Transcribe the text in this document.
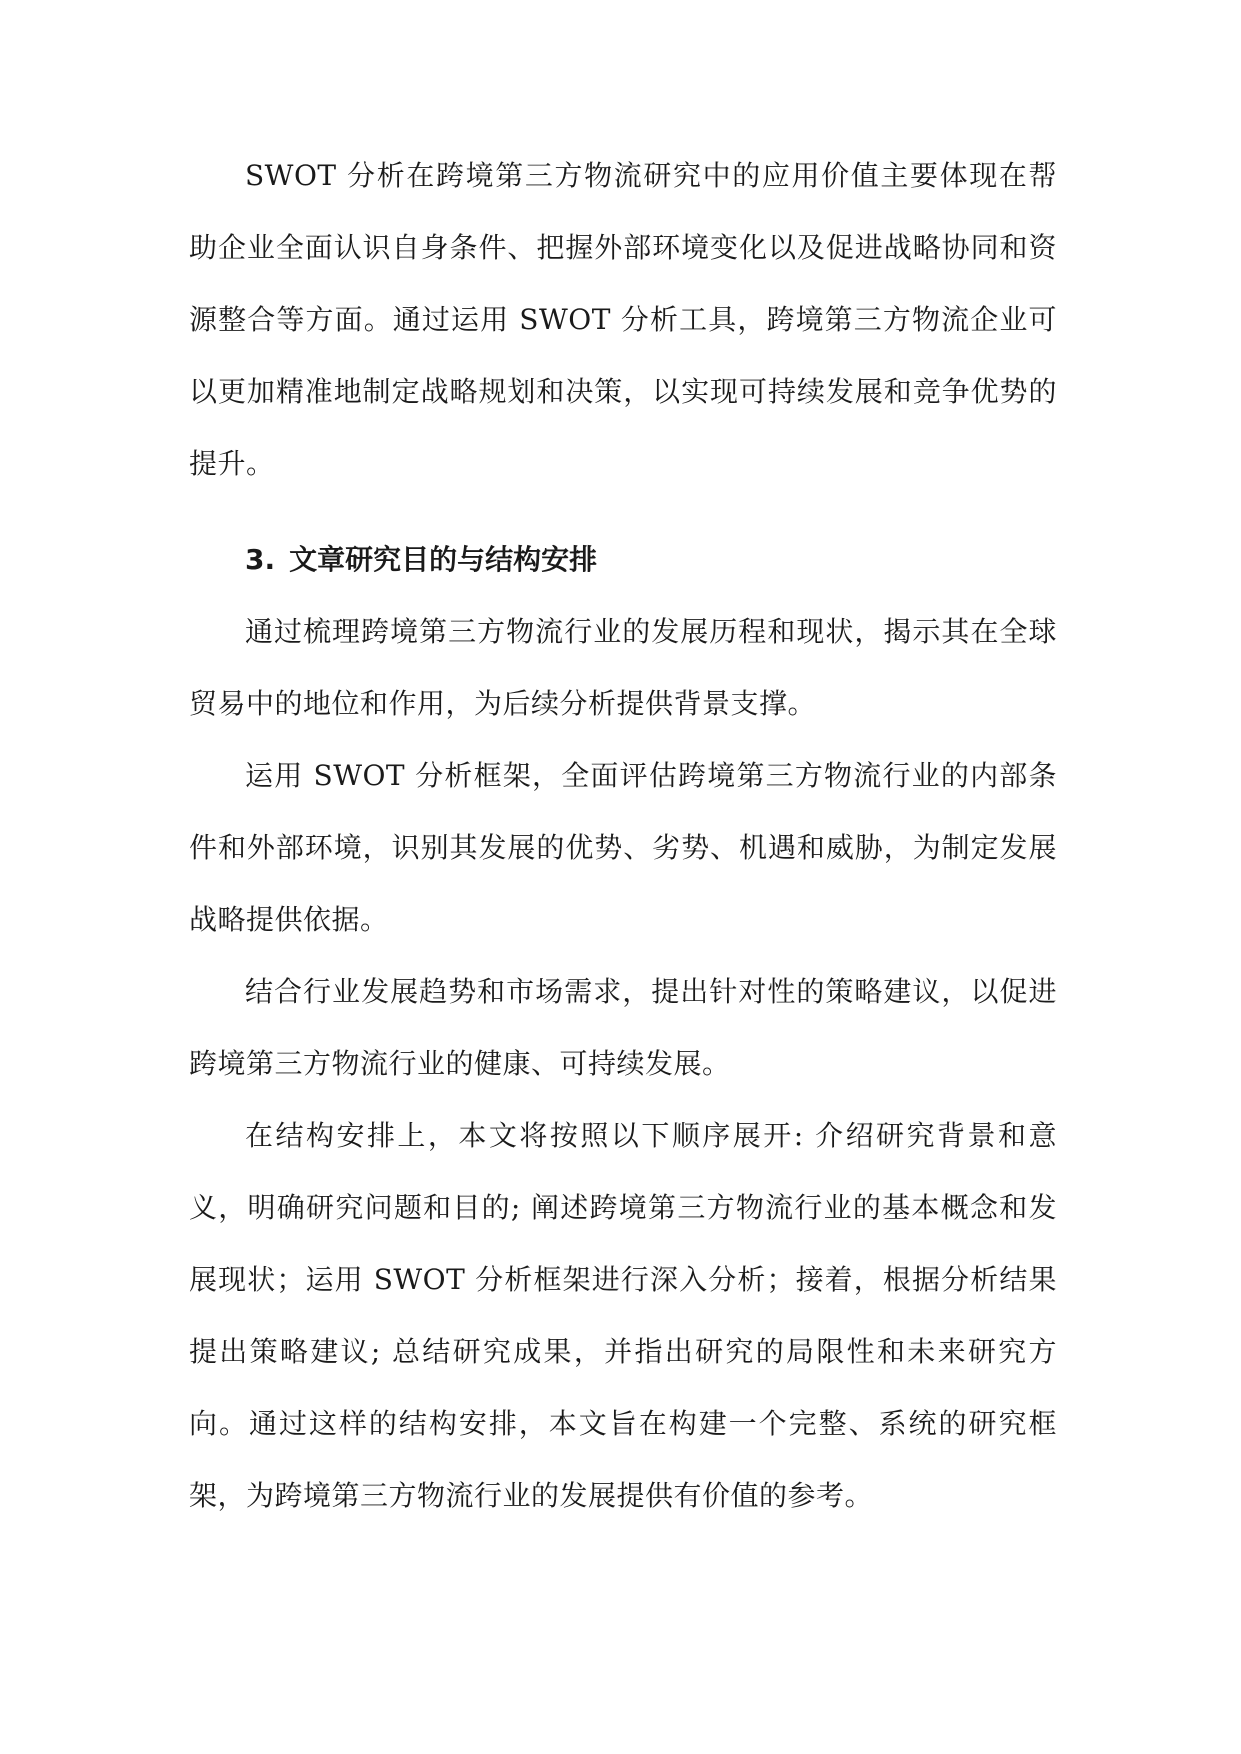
SWOT 分析在跨境第三方物流研究中的应用价值主要体现在帮助企业全面认识自身条件、把握外部环境变化以及促进战略协同和资源整合等方面。通过运用 SWOT 分析工具，跨境第三方物流企业可以更加精准地制定战略规划和决策，以实现可持续发展和竞争优势的提升。

3. 文章研究目的与结构安排

通过梳理跨境第三方物流行业的发展历程和现状，揭示其在全球贸易中的地位和作用，为后续分析提供背景支撑。

运用 SWOT 分析框架，全面评估跨境第三方物流行业的内部条件和外部环境，识别其发展的优势、劣势、机遇和威胁，为制定发展战略提供依据。

结合行业发展趋势和市场需求，提出针对性的策略建议，以促进跨境第三方物流行业的健康、可持续发展。

在结构安排上，本文将按照以下顺序展开: 介绍研究背景和意义，明确研究问题和目的; 阐述跨境第三方物流行业的基本概念和发展现状；运用 SWOT 分析框架进行深入分析；接着，根据分析结果提出策略建议; 总结研究成果，并指出研究的局限性和未来研究方向。通过这样的结构安排，本文旨在构建一个完整、系统的研究框架，为跨境第三方物流行业的发展提供有价值的参考。
